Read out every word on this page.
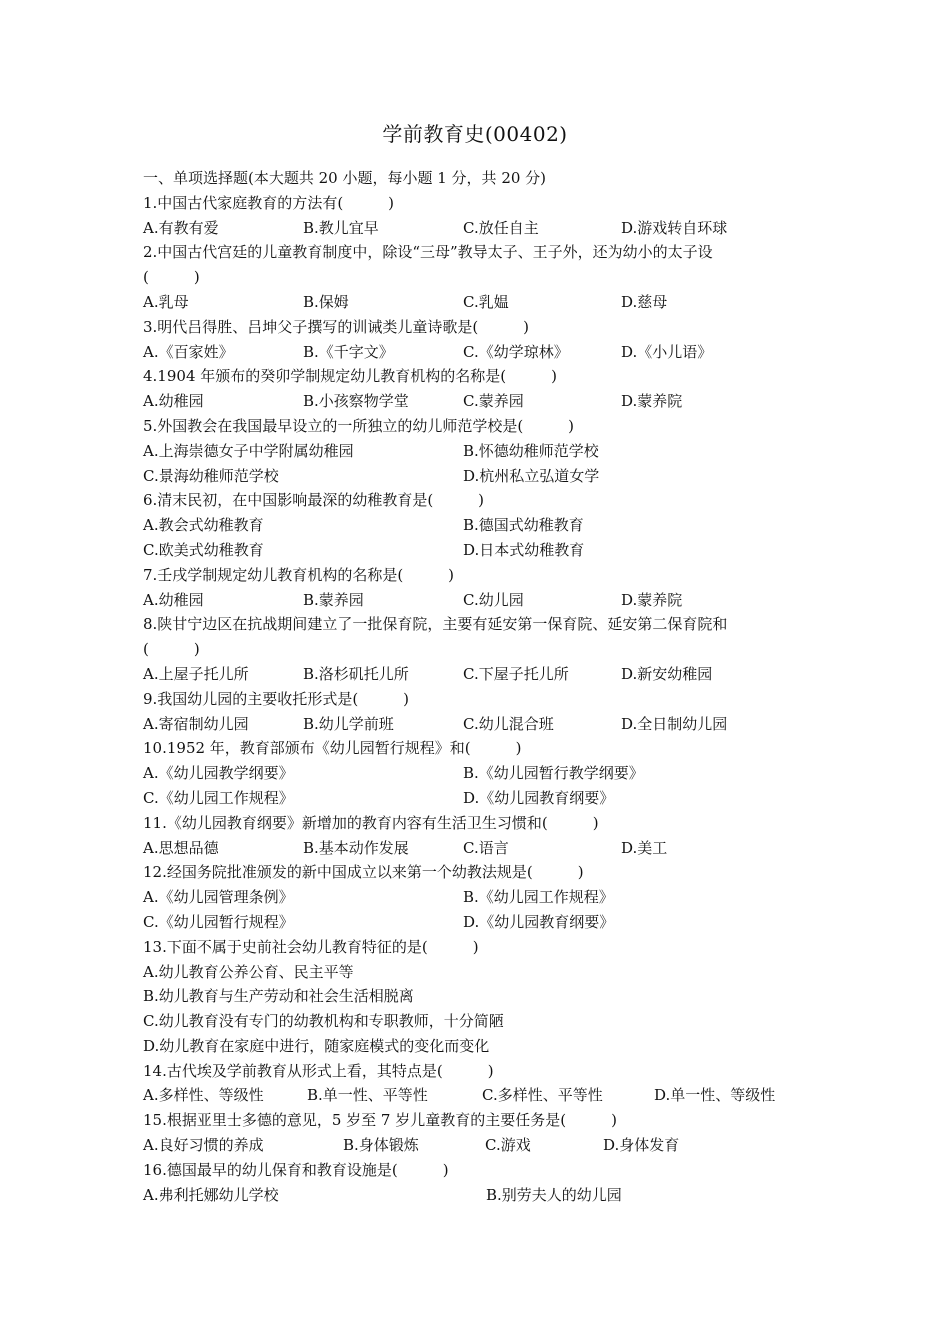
学前教育史(00402)
一、单项选择题(本大题共 20 小题，每小题 1 分，共 20 分)
1.中国古代家庭教育的方法有(　　　)
A.有教有爱	B.教儿宜早	C.放任自主	D.游戏转自环球
2.中国古代宫廷的儿童教育制度中，除设“三母”教导太子、王子外，还为幼小的太子设
(　　　)
A.乳母	B.保姆	C.乳媪	D.慈母
3.明代吕得胜、吕坤父子撰写的训诫类儿童诗歌是(　　　)
A.《百家姓》	B.《千字文》	C.《幼学琼林》	D.《小儿语》
4.1904 年颁布的癸卯学制规定幼儿教育机构的名称是(　　　)
A.幼稚园	B.小孩察物学堂	C.蒙养园	D.蒙养院
5.外国教会在我国最早设立的一所独立的幼儿师范学校是(　　　)
A.上海崇德女子中学附属幼稚园	B.怀德幼稚师范学校
C.景海幼稚师范学校	D.杭州私立弘道女学
6.清末民初，在中国影响最深的幼稚教育是(　　　)
A.教会式幼稚教育	B.德国式幼稚教育
C.欧美式幼稚教育	D.日本式幼稚教育
7.壬戌学制规定幼儿教育机构的名称是(　　　)
A.幼稚园	B.蒙养园	C.幼儿园	D.蒙养院
8.陕甘宁边区在抗战期间建立了一批保育院，主要有延安第一保育院、延安第二保育院和
(　　　)
A.上屋子托儿所	B.洛杉矶托儿所	C.下屋子托儿所	D.新安幼稚园
9.我国幼儿园的主要收托形式是(　　　)
A.寄宿制幼儿园	B.幼儿学前班	C.幼儿混合班	D.全日制幼儿园
10.1952 年，教育部颁布《幼儿园暂行规程》和(　　　)
A.《幼儿园教学纲要》	B.《幼儿园暂行教学纲要》
C.《幼儿园工作规程》	D.《幼儿园教育纲要》
11.《幼儿园教育纲要》新增加的教育内容有生活卫生习惯和(　　　)
A.思想品德	B.基本动作发展	C.语言	D.美工
12.经国务院批准颁发的新中国成立以来第一个幼教法规是(　　　)
A.《幼儿园管理条例》	B.《幼儿园工作规程》
C.《幼儿园暂行规程》	D.《幼儿园教育纲要》
13.下面不属于史前社会幼儿教育特征的是(　　　)
A.幼儿教育公养公育、民主平等
B.幼儿教育与生产劳动和社会生活相脱离
C.幼儿教育没有专门的幼教机构和专职教师，十分简陋
D.幼儿教育在家庭中进行，随家庭模式的变化而变化
14.古代埃及学前教育从形式上看，其特点是(　　　)
A.多样性、等级性	B.单一性、平等性	C.多样性、平等性	D.单一性、等级性
15.根据亚里士多德的意见，5 岁至 7 岁儿童教育的主要任务是(　　　)
A.良好习惯的养成	B.身体锻炼	C.游戏	D.身体发育
16.德国最早的幼儿保育和教育设施是(　　　)
A.弗利托娜幼儿学校	B.别劳夫人的幼儿园
